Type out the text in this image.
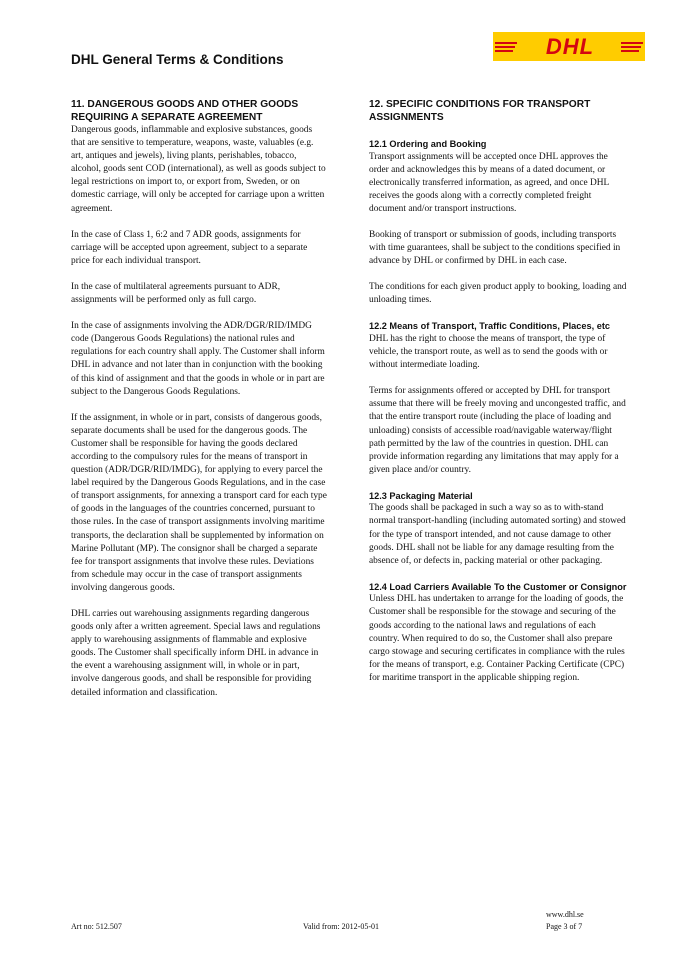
DHL General Terms & Conditions
DHL
11. DANGEROUS GOODS AND OTHER GOODS REQUIRING A SEPARATE AGREEMENT

Dangerous goods, inflammable and explosive substances, goods that are sensitive to temperature, weapons, waste, valuables (e.g. art, antiques and jewels), living plants, perishables, tobacco, alcohol, goods sent COD (international), as well as goods subject to legal restrictions on import to, or export from, Sweden, or on domestic carriage, will only be accepted for carriage upon a written agreement.

In the case of Class 1, 6:2 and 7 ADR goods, assignments for carriage will be accepted upon agreement, subject to a separate price for each individual transport.

In the case of multilateral agreements pursuant to ADR, assignments will be performed only as full cargo.

In the case of assignments involving the ADR/DGR/RID/IMDG code (Dangerous Goods Regulations) the national rules and regulations for each country shall apply. The Customer shall inform DHL in advance and not later than in conjunction with the booking of this kind of assignment and that the goods in whole or in part are subject to the Dangerous Goods Regulations.

If the assignment, in whole or in part, consists of dangerous goods, separate documents shall be used for the dangerous goods. The Customer shall be responsible for having the goods declared according to the compulsory rules for the means of transport in question (ADR/DGR/RID/IMDG), for applying to every parcel the label required by the Dangerous Goods Regulations, and in the case of transport assignments, for annexing a transport card for each type of goods in the languages of the countries concerned, pursuant to those rules. In the case of transport assignments involving maritime transports, the declaration shall be supplemented by information on Marine Pollutant (MP). The consignor shall be charged a separate fee for transport assignments that involve these rules. Deviations from schedule may occur in the case of transport assignments involving dangerous goods.

DHL carries out warehousing assignments regarding dangerous goods only after a written agreement. Special laws and regulations apply to warehousing assignments of flammable and explosive goods. The Customer shall specifically inform DHL in advance in the event a warehousing assignment will, in whole or in part, involve dangerous goods, and shall be responsible for providing detailed information and classification.

12. SPECIFIC CONDITIONS FOR TRANSPORT ASSIGNMENTS
12.1 Ordering and Booking

Transport assignments will be accepted once DHL approves the order and acknowledges this by means of a dated document, or electronically transferred information, as agreed, and once DHL receives the goods along with a correctly completed freight document and/or transport instructions.

Booking of transport or submission of goods, including transports with time guarantees, shall be subject to the conditions specified in advance by DHL or confirmed by DHL in each case.

The conditions for each given product apply to booking, loading and unloading times.

12.2 Means of Transport, Traffic Conditions, Places, etc

DHL has the right to choose the means of transport, the type of vehicle, the transport route, as well as to send the goods with or without intermediate loading.

Terms for assignments offered or accepted by DHL for transport assume that there will be freely moving and uncongested traffic, and that the entire transport route (including the place of loading and unloading) consists of accessible road/navigable waterway/flight path permitted by the law of the countries in question. DHL can provide information regarding any limitations that may apply for a given place and/or country.

12.3 Packaging Material

The goods shall be packaged in such a way so as to with-stand normal transport-handling (including automated sorting) and stowed for the type of transport intended, and not cause damage to other goods. DHL shall not be liable for any damage resulting from the absence of, or defects in, packing material or other packaging.

12.4 Load Carriers Available To the Customer or Consignor

Unless DHL has undertaken to arrange for the loading of goods, the Customer shall be responsible for the stowage and securing of the goods according to the national laws and regulations of each country. When required to do so, the Customer shall also prepare cargo stowage and securing certificates in compliance with the rules for the means of transport, e.g. Container Packing Certificate (CPC) for maritime transport in the applicable shipping region.

Art no: 512.507	Valid from: 2012-05-01
www.dhl.se
Page 3 of 7
